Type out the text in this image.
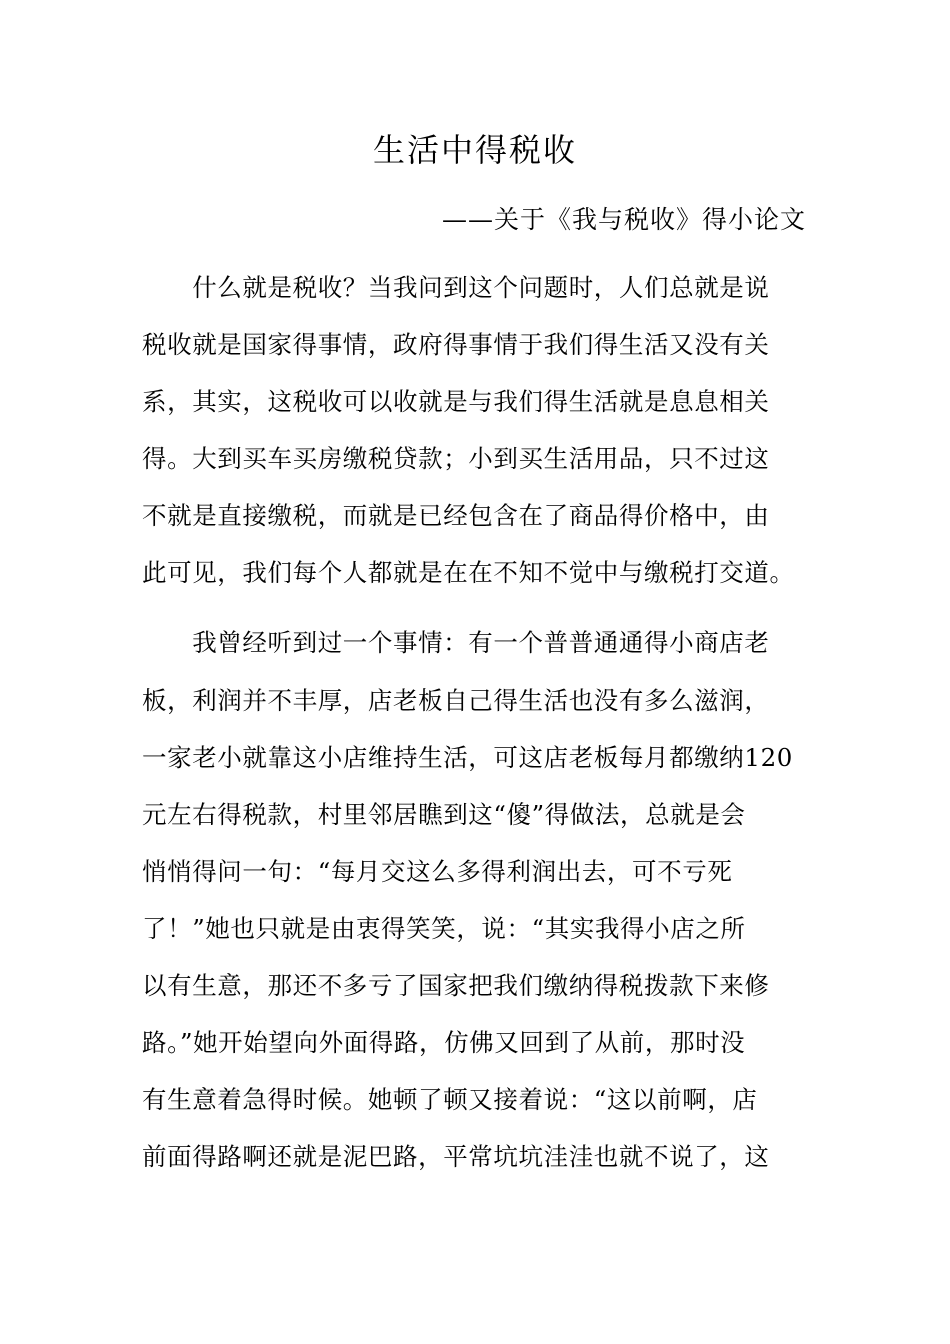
生活中得税收

——关于《我与税收》得小论文

　　什么就是税收？当我问到这个问题时，人们总就是说
税收就是国家得事情，政府得事情于我们得生活又没有关
系，其实，这税收可以收就是与我们得生活就是息息相关
得。大到买车买房缴税贷款；小到买生活用品，只不过这
不就是直接缴税，而就是已经包含在了商品得价格中，由
此可见，我们每个人都就是在在不知不觉中与缴税打交道。
　　我曾经听到过一个事情：有一个普普通通得小商店老
板，利润并不丰厚，店老板自己得生活也没有多么滋润，
一家老小就靠这小店维持生活，可这店老板每月都缴纳120
元左右得税款，村里邻居瞧到这“傻”得做法，总就是会
悄悄得问一句：“每月交这么多得利润出去，可不亏死
了！”她也只就是由衷得笑笑，说：“其实我得小店之所
以有生意，那还不多亏了国家把我们缴纳得税拨款下来修
路。”她开始望向外面得路，仿佛又回到了从前，那时没
有生意着急得时候。她顿了顿又接着说：“这以前啊，店
前面得路啊还就是泥巴路，平常坑坑洼洼也就不说了，这
